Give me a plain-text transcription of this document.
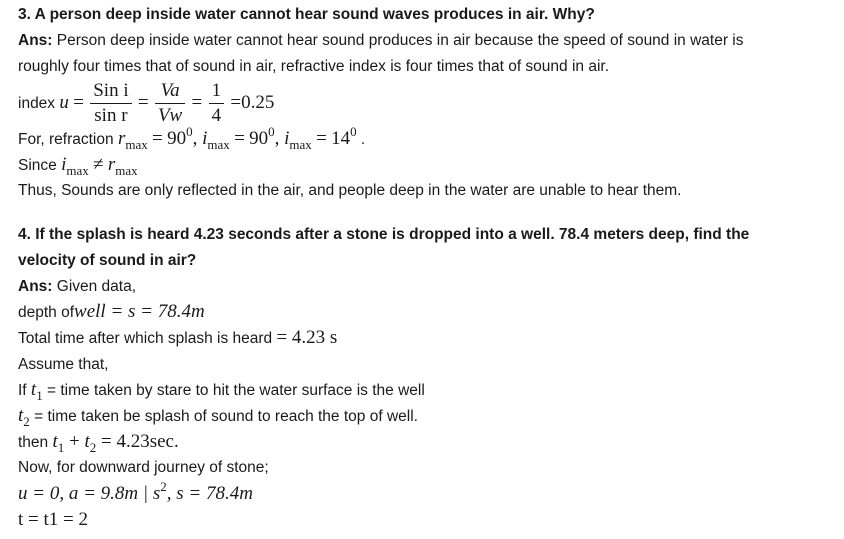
3. A person deep inside water cannot hear sound waves produces in air. Why?
Ans: Person deep inside water cannot hear sound produces in air because the speed of sound in water is
roughly four times that of sound in air, refractive index is four times that of sound in air.
index $u = \frac{\text{Sin i}}{\text{sin r}} = \frac{Va}{Vw} = \frac{1}{4} =0.25$
For, refraction $r_{max} = 90^0$, $i_{max} = 90^0$, $i_{max} = 14^0$ .
Since $i_{max} \ne r_{max}$
Thus, Sounds are only reflected in the air, and people deep in the water are unable to hear them.
4. If the splash is heard 4.23 seconds after a stone is dropped into a well. 78.4 meters deep, find the
velocity of sound in air?
Ans: Given data,
depth ofwell = s = 78.4m
Total time after which splash is heard = 4.23 s
Assume that,
If $t_1$ = time taken by stare to hit the water surface is the well
$t_2$ = time taken be splash of sound to reach the top of well.
then $t_1 + t_2 = 4.23\sec$.
Now, for downward journey of stone;
u = 0, a = 9.8m | $s^2$, s = 78.4m
t = t1 = 2
